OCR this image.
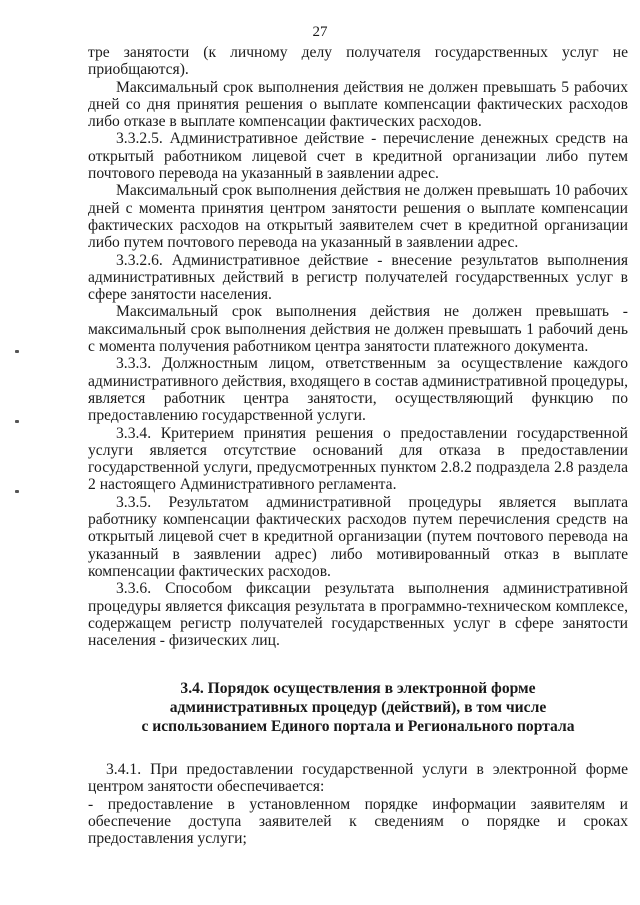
27

тре занятости (к личному делу получателя государственных услуг не приобщаются).

Максимальный срок выполнения действия не должен превышать 5 рабочих дней со дня принятия решения о выплате компенсации фактических расходов либо отказе в выплате компенсации фактических расходов.

3.3.2.5. Административное действие - перечисление денежных средств на открытый работником лицевой счет в кредитной организации либо путем почтового перевода на указанный в заявлении адрес.

Максимальный срок выполнения действия не должен превышать 10 рабочих дней с момента принятия центром занятости решения о выплате компенсации фактических расходов на открытый заявителем счет в кредитной организации либо путем почтового перевода на указанный в заявлении адрес.

3.3.2.6. Административное действие - внесение результатов выполнения административных действий в регистр получателей государственных услуг в сфере занятости населения.

Максимальный срок выполнения действия не должен превышать - максимальный срок выполнения действия не должен превышать 1 рабочий день с момента получения работником центра занятости платежного документа.

3.3.3. Должностным лицом, ответственным за осуществление каждого административного действия, входящего в состав административной процедуры, является работник центра занятости, осуществляющий функцию по предоставлению государственной услуги.

3.3.4. Критерием принятия решения о предоставлении государственной услуги является отсутствие оснований для отказа в предоставлении государственной услуги, предусмотренных пунктом 2.8.2 подраздела 2.8 раздела 2 настоящего Административного регламента.

3.3.5. Результатом административной процедуры является выплата работнику компенсации фактических расходов путем перечисления средств на открытый лицевой счет в кредитной организации (путем почтового перевода на указанный в заявлении адрес) либо мотивированный отказ в выплате компенсации фактических расходов.

3.3.6. Способом фиксации результата выполнения административной процедуры является фиксация результата в программно-техническом комплексе, содержащем регистр получателей государственных услуг в сфере занятости населения - физических лиц.

3.4. Порядок осуществления в электронной форме
административных процедур (действий), в том числе
с использованием Единого портала и Регионального портала

3.4.1. При предоставлении государственной услуги в электронной форме центром занятости обеспечивается:

- предоставление в установленном порядке информации заявителям и обеспечение доступа заявителей к сведениям о порядке и сроках предоставления услуги;
